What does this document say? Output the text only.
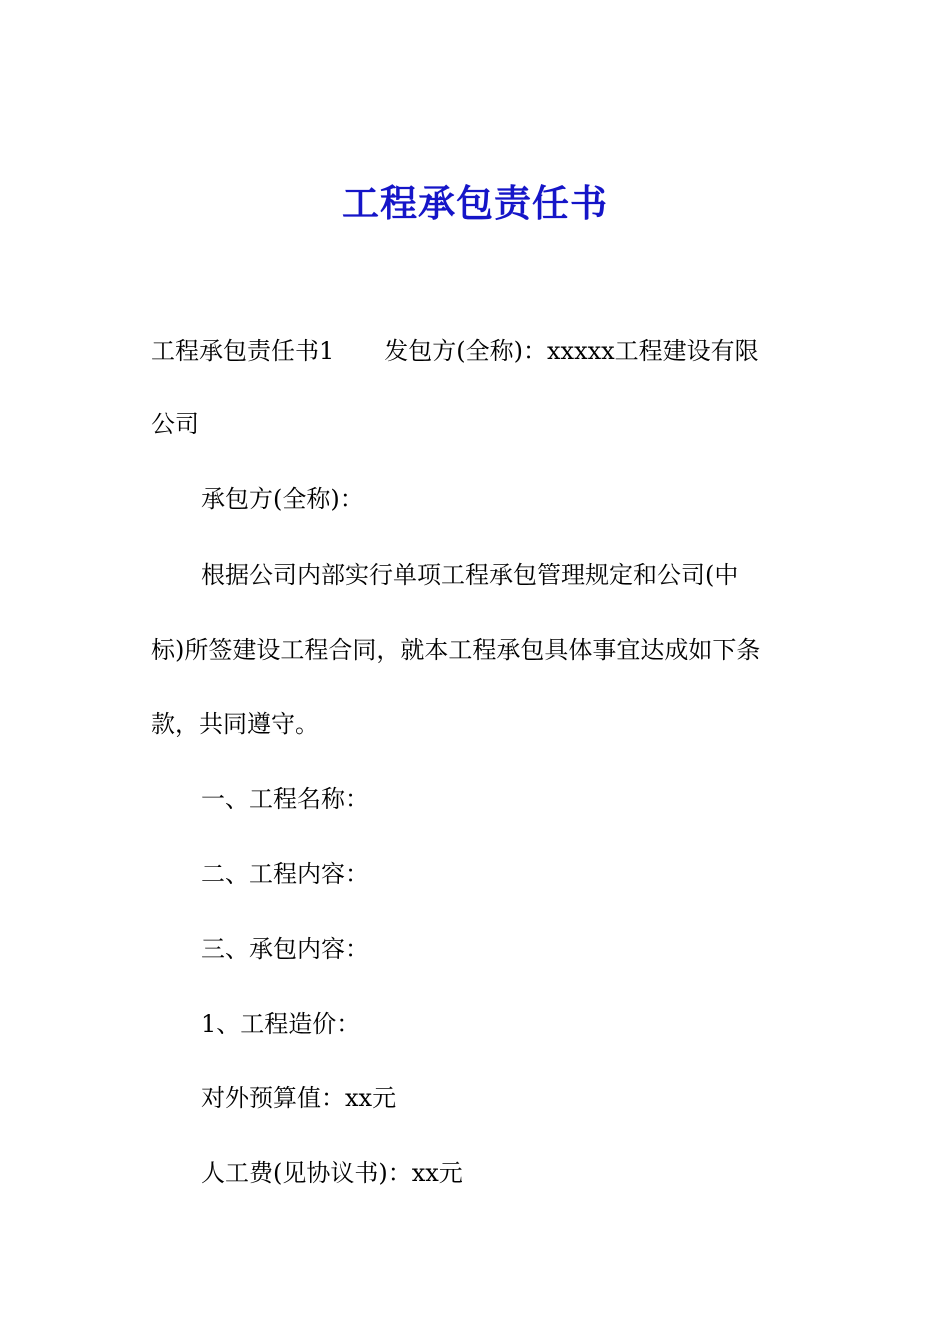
工程承包责任书
工程承包责任书1 发包方(全称)：xxxxx工程建设有限
公司
承包方(全称)：
根据公司内部实行单项工程承包管理规定和公司(中
标)所签建设工程合同，就本工程承包具体事宜达成如下条
款，共同遵守。
一、工程名称：
二、工程内容：
三、承包内容：
1、工程造价：
对外预算值：xx元
人工费(见协议书)：xx元
